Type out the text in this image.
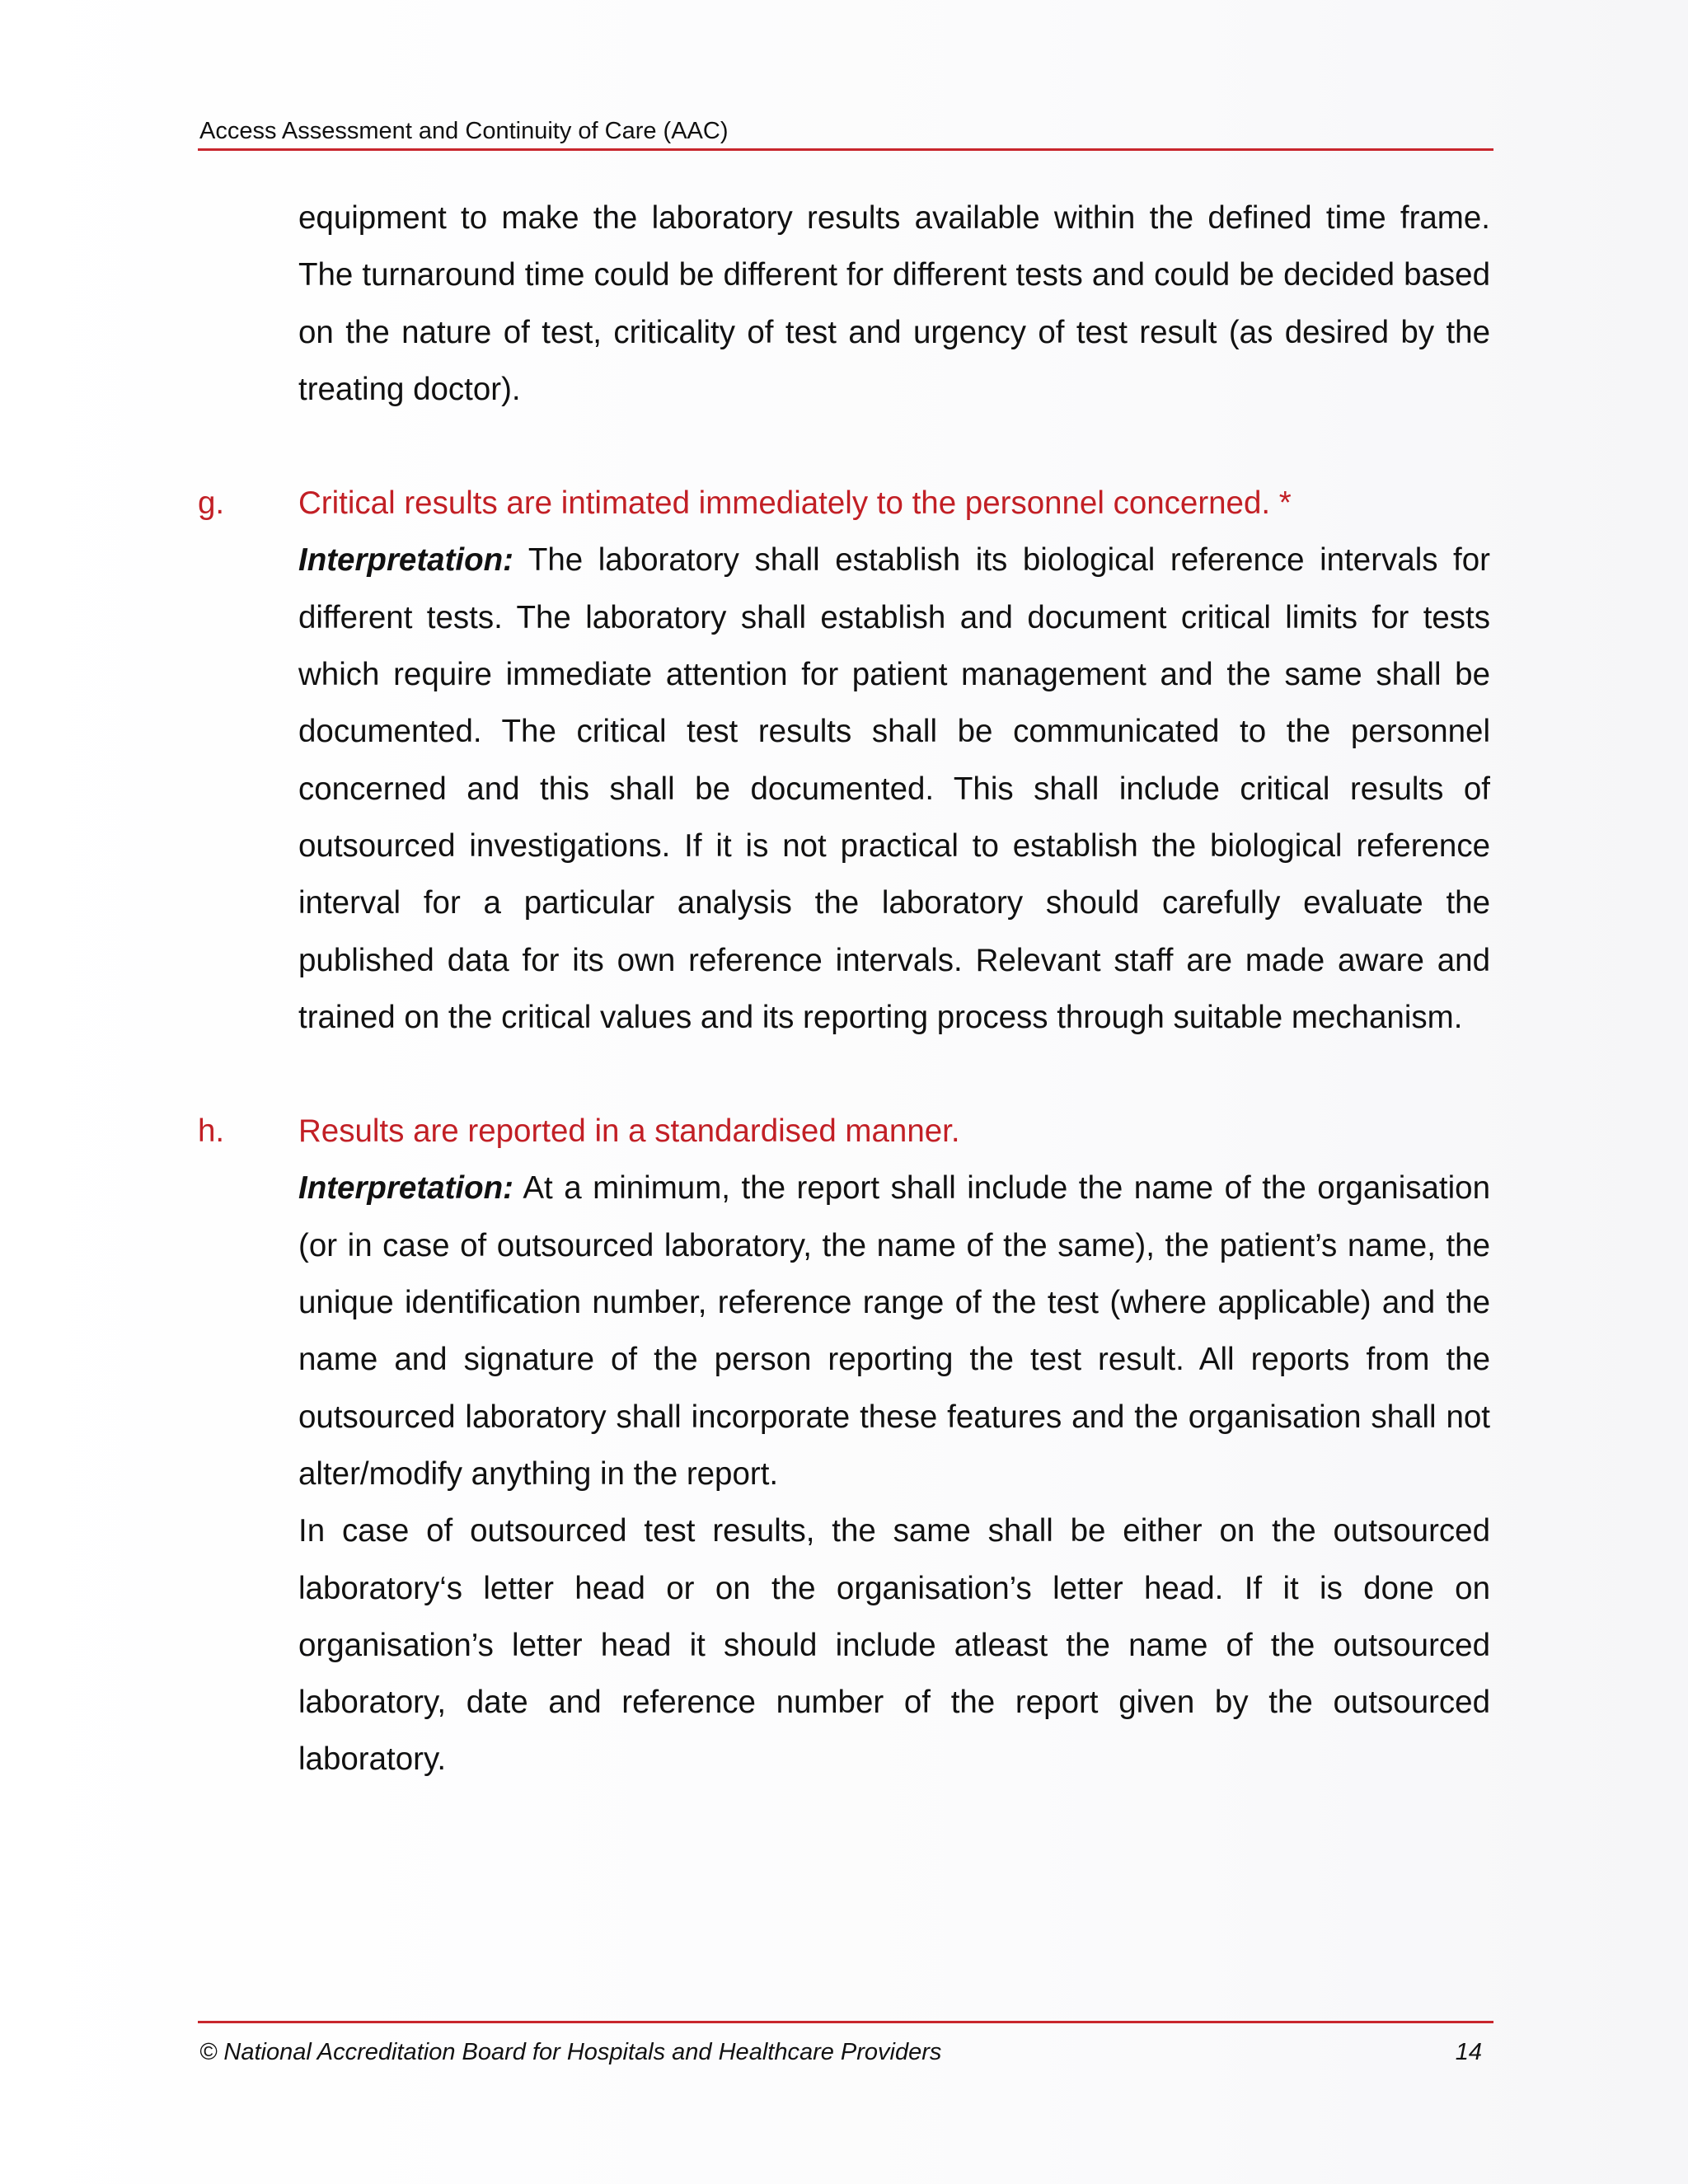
Access Assessment and Continuity of Care (AAC)
equipment to make the laboratory results available within the defined time frame. The turnaround time could be different for different tests and could be decided based on the nature of test, criticality of test and urgency of test result (as desired by the treating doctor).
g. Critical results are intimated immediately to the personnel concerned. *
Interpretation: The laboratory shall establish its biological reference intervals for different tests. The laboratory shall establish and document critical limits for tests which require immediate attention for patient management and the same shall be documented. The critical test results shall be communicated to the personnel concerned and this shall be documented. This shall include critical results of outsourced investigations. If it is not practical to establish the biological reference interval for a particular analysis the laboratory should carefully evaluate the published data for its own reference intervals. Relevant staff are made aware and trained on the critical values and its reporting process through suitable mechanism.
h. Results are reported in a standardised manner.
Interpretation: At a minimum, the report shall include the name of the organisation (or in case of outsourced laboratory, the name of the same), the patient’s name, the unique identification number, reference range of the test (where applicable) and the name and signature of the person reporting the test result. All reports from the outsourced laboratory shall incorporate these features and the organisation shall not alter/modify anything in the report.
In case of outsourced test results, the same shall be either on the outsourced laboratory‘s letter head or on the organisation’s letter head. If it is done on organisation’s letter head it should include atleast the name of the outsourced laboratory, date and reference number of the report given by the outsourced laboratory.
© National Accreditation Board for Hospitals and Healthcare Providers	14
